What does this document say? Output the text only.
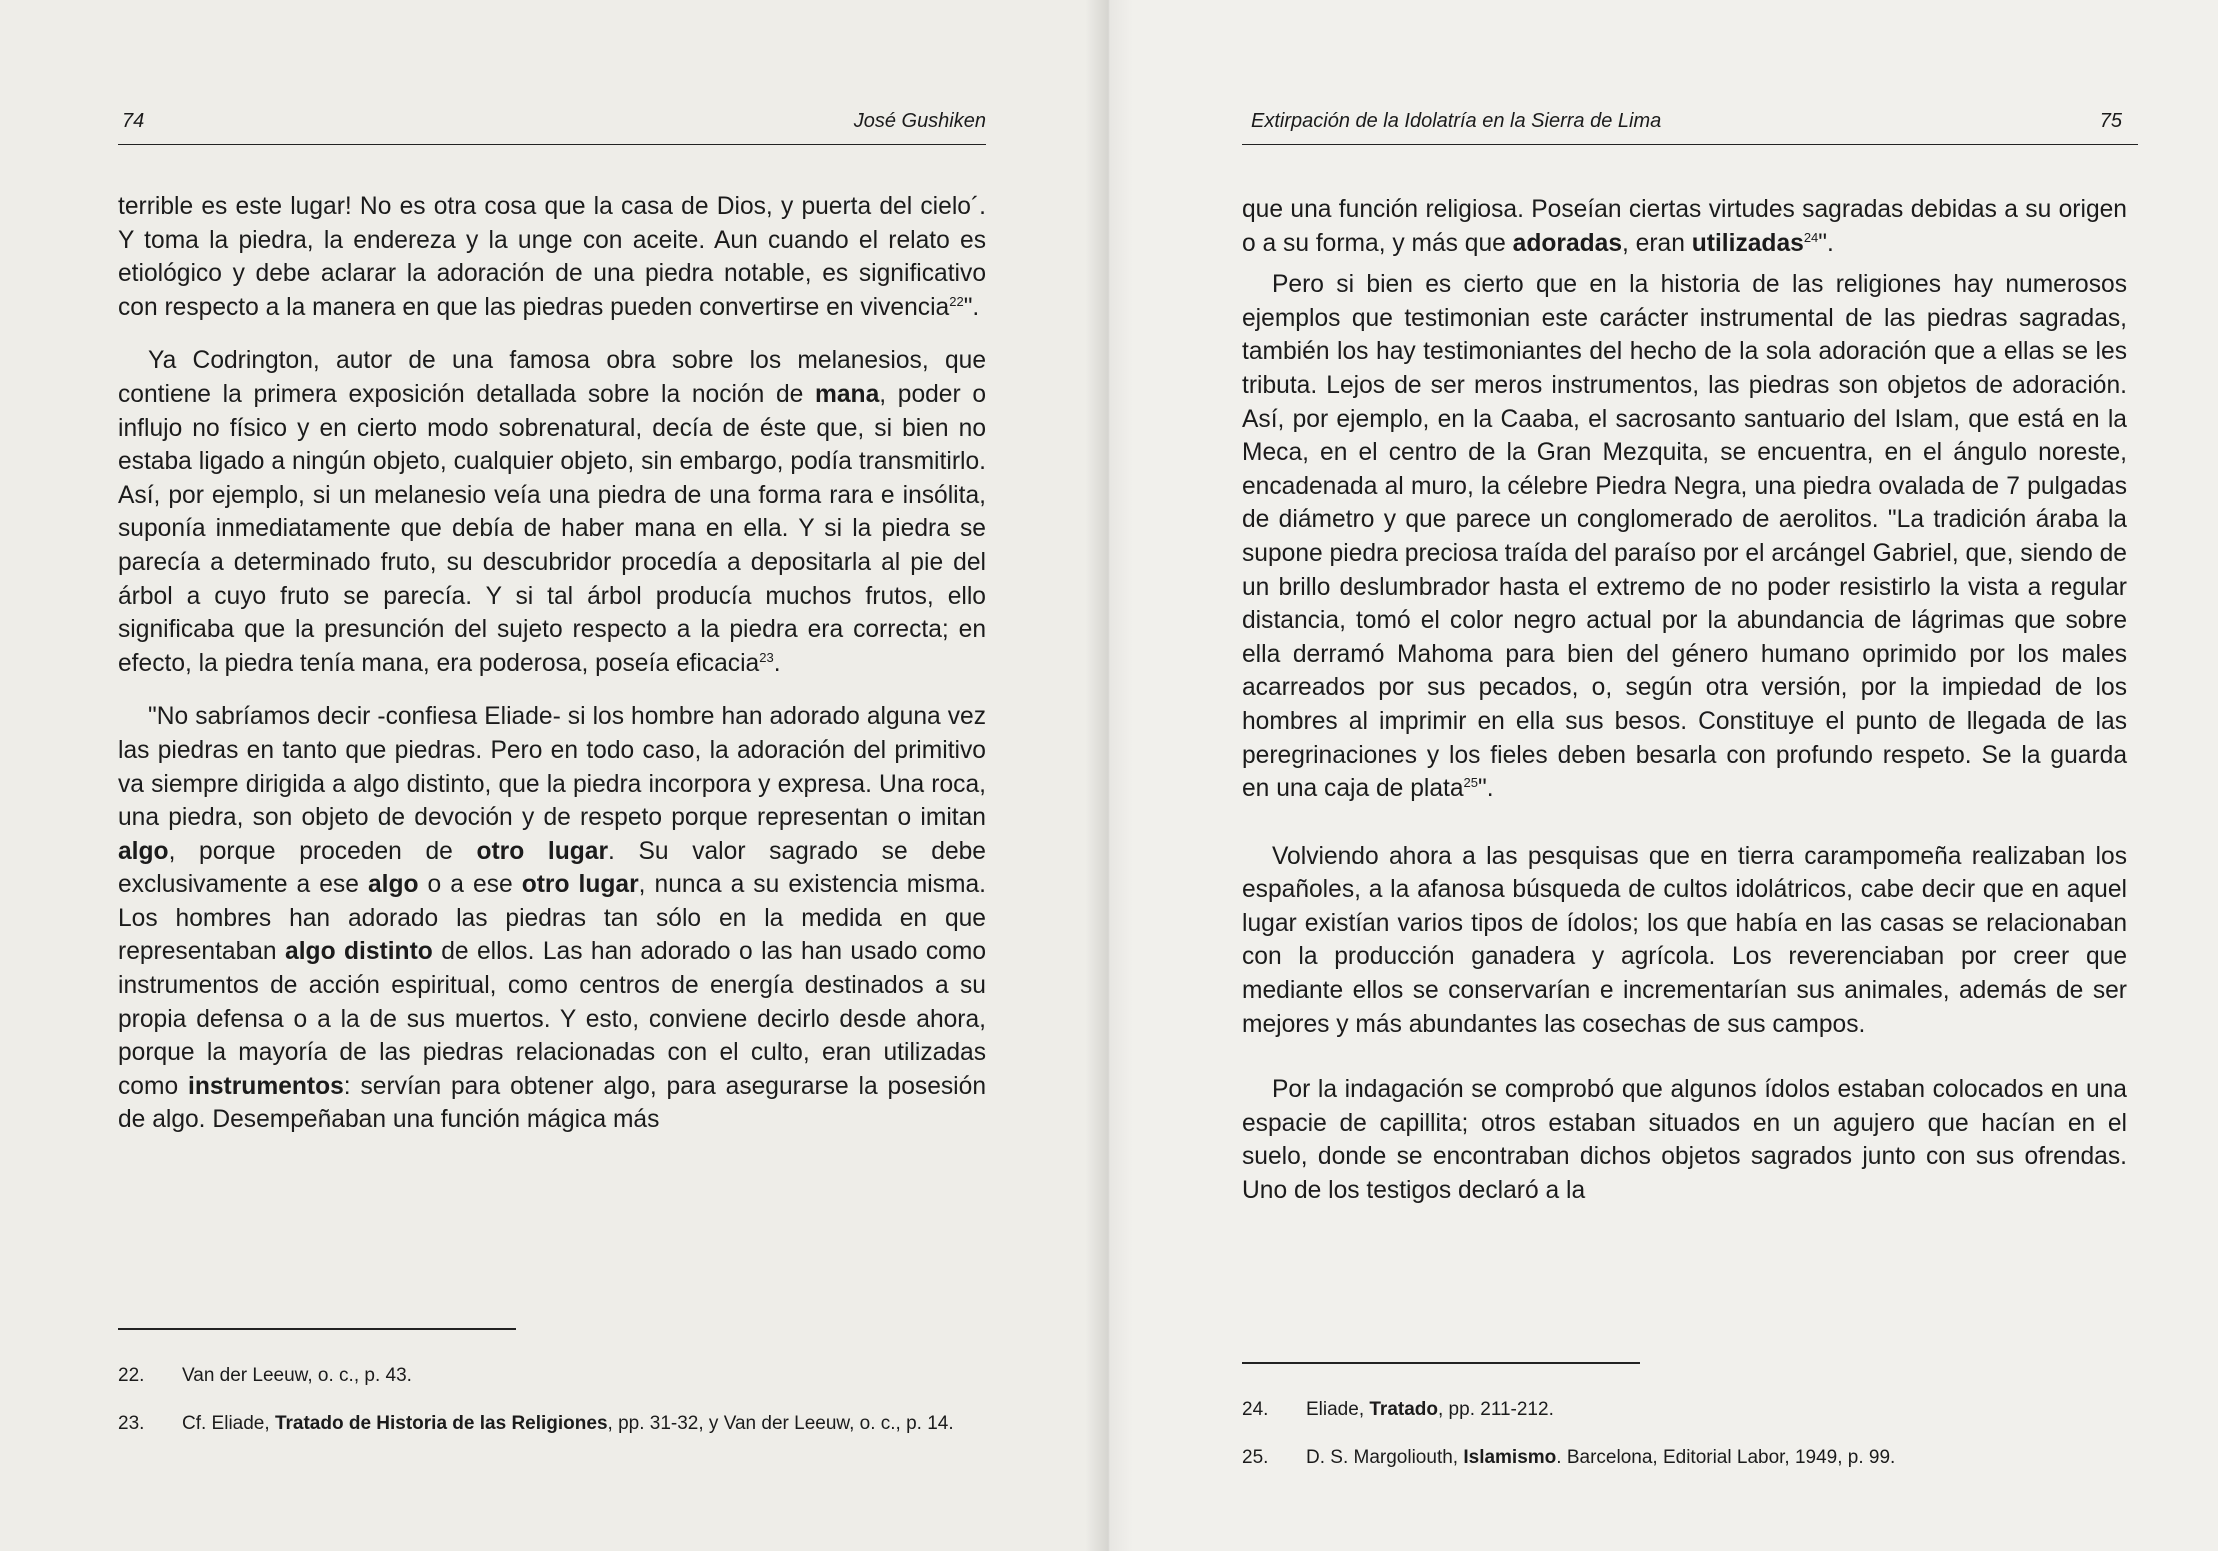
74	José Gushiken

terrible es este lugar! No es otra cosa que la casa de Dios, y puerta del cielo´. Y toma la piedra, la endereza y la unge con aceite. Aun cuando el relato es etiológico y debe aclarar la adoración de una piedra notable, es significativo con respecto a la manera en que las piedras pueden convertirse en vivencia$^{22}$".

Ya Codrington, autor de una famosa obra sobre los melanesios, que contiene la primera exposición detallada sobre la noción de mana, poder o influjo no físico y en cierto modo sobrenatural, decía de éste que, si bien no estaba ligado a ningún objeto, cualquier objeto, sin embargo, podía transmitirlo. Así, por ejemplo, si un melanesio veía una piedra de una forma rara e insólita, suponía inmediatamente que debía de haber mana en ella. Y si la piedra se parecía a determinado fruto, su descubridor procedía a depositarla al pie del árbol a cuyo fruto se parecía. Y si tal árbol producía muchos frutos, ello significaba que la presunción del sujeto respecto a la piedra era correcta; en efecto, la piedra tenía mana, era poderosa, poseía eficacia$^{23}$.

"No sabríamos decir -confiesa Eliade- si los hombre han adorado alguna vez las piedras en tanto que piedras. Pero en todo caso, la adoración del primitivo va siempre dirigida a algo distinto, que la piedra incorpora y expresa. Una roca, una piedra, son objeto de devoción y de respeto porque representan o imitan algo, porque proceden de otro lugar. Su valor sagrado se debe exclusivamente a ese algo o a ese otro lugar, nunca a su existencia misma. Los hombres han adorado las piedras tan sólo en la medida en que representaban algo distinto de ellos. Las han adorado o las han usado como instrumentos de acción espiritual, como centros de energía destinados a su propia defensa o a la de sus muertos. Y esto, conviene decirlo desde ahora, porque la mayoría de las piedras relacionadas con el culto, eran utilizadas como instrumentos: servían para obtener algo, para asegurarse la posesión de algo. Desempeñaban una función mágica más

22.	Van der Leeuw, o. c., p. 43.
23.	Cf. Eliade, Tratado de Historia de las Religiones, pp. 31-32, y Van der Leeuw, o. c., p. 14.
Extirpación de la Idolatría en la Sierra de Lima	75

que una función religiosa. Poseían ciertas virtudes sagradas debidas a su origen o a su forma, y más que adoradas, eran utilizadas$^{24}$".

Pero si bien es cierto que en la historia de las religiones hay numerosos ejemplos que testimonian este carácter instrumental de las piedras sagradas, también los hay testimoniantes del hecho de la sola adoración que a ellas se les tributa. Lejos de ser meros instrumentos, las piedras son objetos de adoración. Así, por ejemplo, en la Caaba, el sacrosanto santuario del Islam, que está en la Meca, en el centro de la Gran Mezquita, se encuentra, en el ángulo noreste, encadenada al muro, la célebre Piedra Negra, una piedra ovalada de 7 pulgadas de diámetro y que parece un conglomerado de aerolitos. "La tradición áraba la supone piedra preciosa traída del paraíso por el arcángel Gabriel, que, siendo de un brillo deslumbrador hasta el extremo de no poder resistirlo la vista a regular distancia, tomó el color negro actual por la abundancia de lágrimas que sobre ella derramó Mahoma para bien del género humano oprimido por los males acarreados por sus pecados, o, según otra versión, por la impiedad de los hombres al imprimir en ella sus besos. Constituye el punto de llegada de las peregrinaciones y los fieles deben besarla con profundo respeto. Se la guarda en una caja de plata$^{25}$".

Volviendo ahora a las pesquisas que en tierra carampomeña realizaban los españoles, a la afanosa búsqueda de cultos idolátricos, cabe decir que en aquel lugar existían varios tipos de ídolos; los que había en las casas se relacionaban con la producción ganadera y agrícola. Los reverenciaban por creer que mediante ellos se conservarían e incrementarían sus animales, además de ser mejores y más abundantes las cosechas de sus campos.

Por la indagación se comprobó que algunos ídolos estaban colocados en una espacie de capillita; otros estaban situados en un agujero que hacían en el suelo, donde se encontraban dichos objetos sagrados junto con sus ofrendas. Uno de los testigos declaró a la

24.	Eliade, Tratado, pp. 211-212.
25.	D. S. Margoliouth, Islamismo. Barcelona, Editorial Labor, 1949, p. 99.
